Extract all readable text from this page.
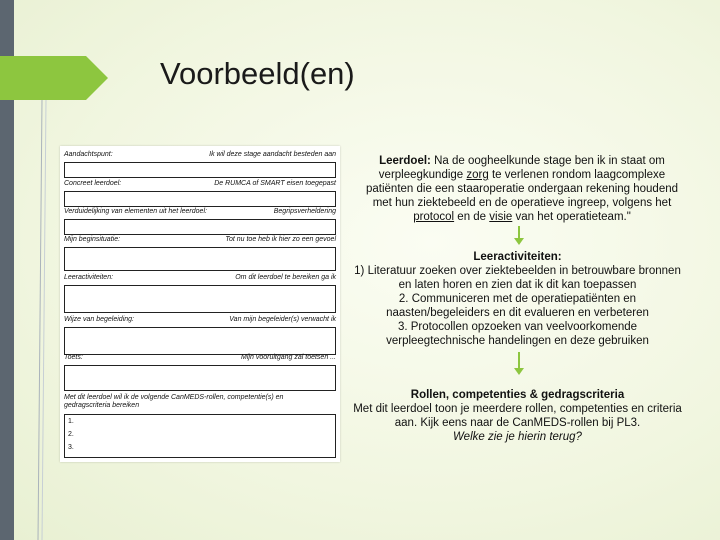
Voorbeeld(en)
Aandachtspunt:	Ik wil deze stage aandacht besteden aan
Concreet leerdoel:	De RUMCA of SMART eisen toegepast
Verduidelijking van elementen uit het leerdoel:	Begripsverheldering
Mijn beginsituatie:	Tot nu toe heb ik hier zo een gevoel
Leeractiviteiten:	Om dit leerdoel te bereiken ga ik
Wijze van begeleiding:	Van mijn begeleider(s) verwacht ik
Toets:	Mijn vooruitgang zal toetsen ...
Met dit leerdoel wil ik de volgende CanMEDS-rollen, competentie(s) en
gedragscriteria bereiken
1.
2.
3.
Leerdoel: Na de oogheelkunde stage ben ik in staat om verpleegkundige zorg te verlenen rondom laagcomplexe patiënten die een staaroperatie ondergaan rekening houdend met hun ziektebeeld en de operatieve ingreep, volgens het protocol en de visie van het operatieteam."
Leeractiviteiten:
1) Literatuur zoeken over ziektebeelden in betrouwbare bronnen
en laten horen en zien dat ik dit kan toepassen
2. Communiceren met de operatiepatiënten en
naasten/begeleiders en dit evalueren en verbeteren
3. Protocollen opzoeken van veelvoorkomende
verpleegtechnische handelingen en deze gebruiken
Rollen, competenties & gedragscriteria
Met dit leerdoel toon je meerdere rollen, competenties en criteria
aan. Kijk eens naar de CanMEDS-rollen bij PL3.
Welke zie je hierin terug?
